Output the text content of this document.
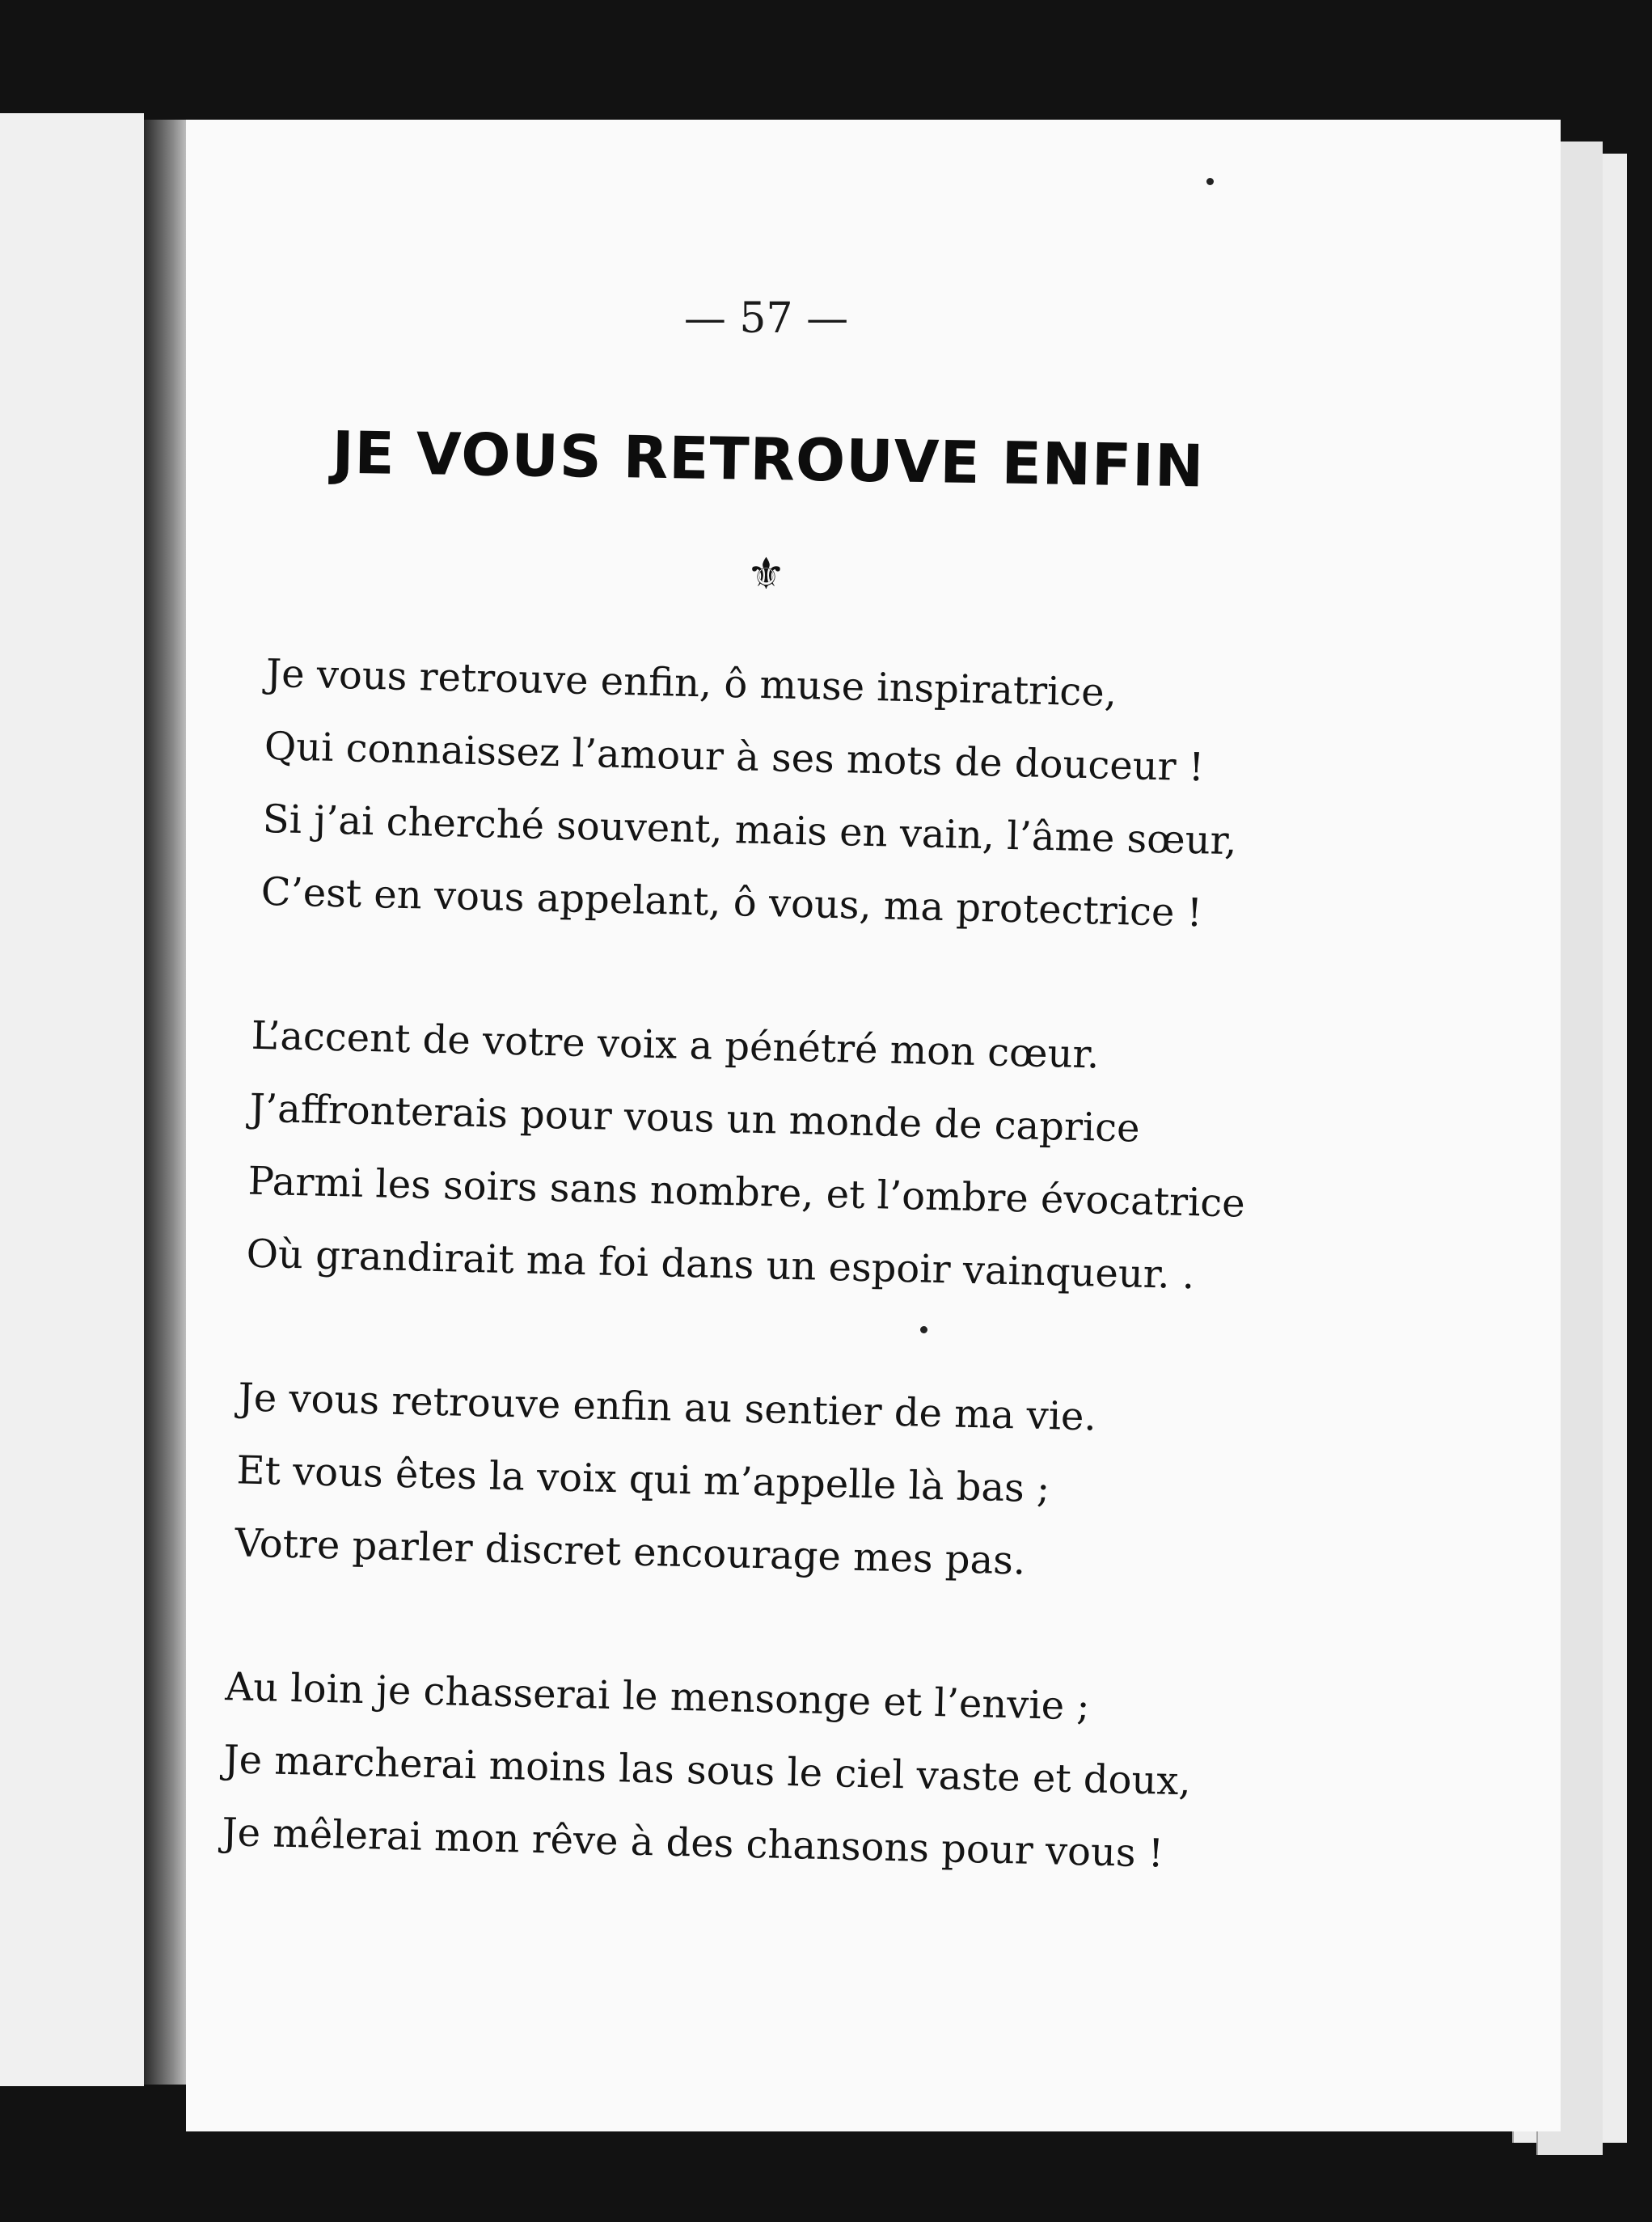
— 57 —
JE VOUS RETROUVE ENFIN
⚜
Je vous retrouve enfin, ô muse inspiratrice,
Qui connaissez l’amour à ses mots de douceur !
Si j’ai cherché souvent, mais en vain, l’âme sœur,
C’est en vous appelant, ô vous, ma protectrice !
L’accent de votre voix a pénétré mon cœur.
J’affronterais pour vous un monde de caprice
Parmi les soirs sans nombre, et l’ombre évocatrice
Où grandirait ma foi dans un espoir vainqueur. .
Je vous retrouve enfin au sentier de ma vie.
Et vous êtes la voix qui m’appelle là bas ;
Votre parler discret encourage mes pas.
Au loin je chasserai le mensonge et l’envie ;
Je marcherai moins las sous le ciel vaste et doux,
Je mêlerai mon rêve à des chansons pour vous !
